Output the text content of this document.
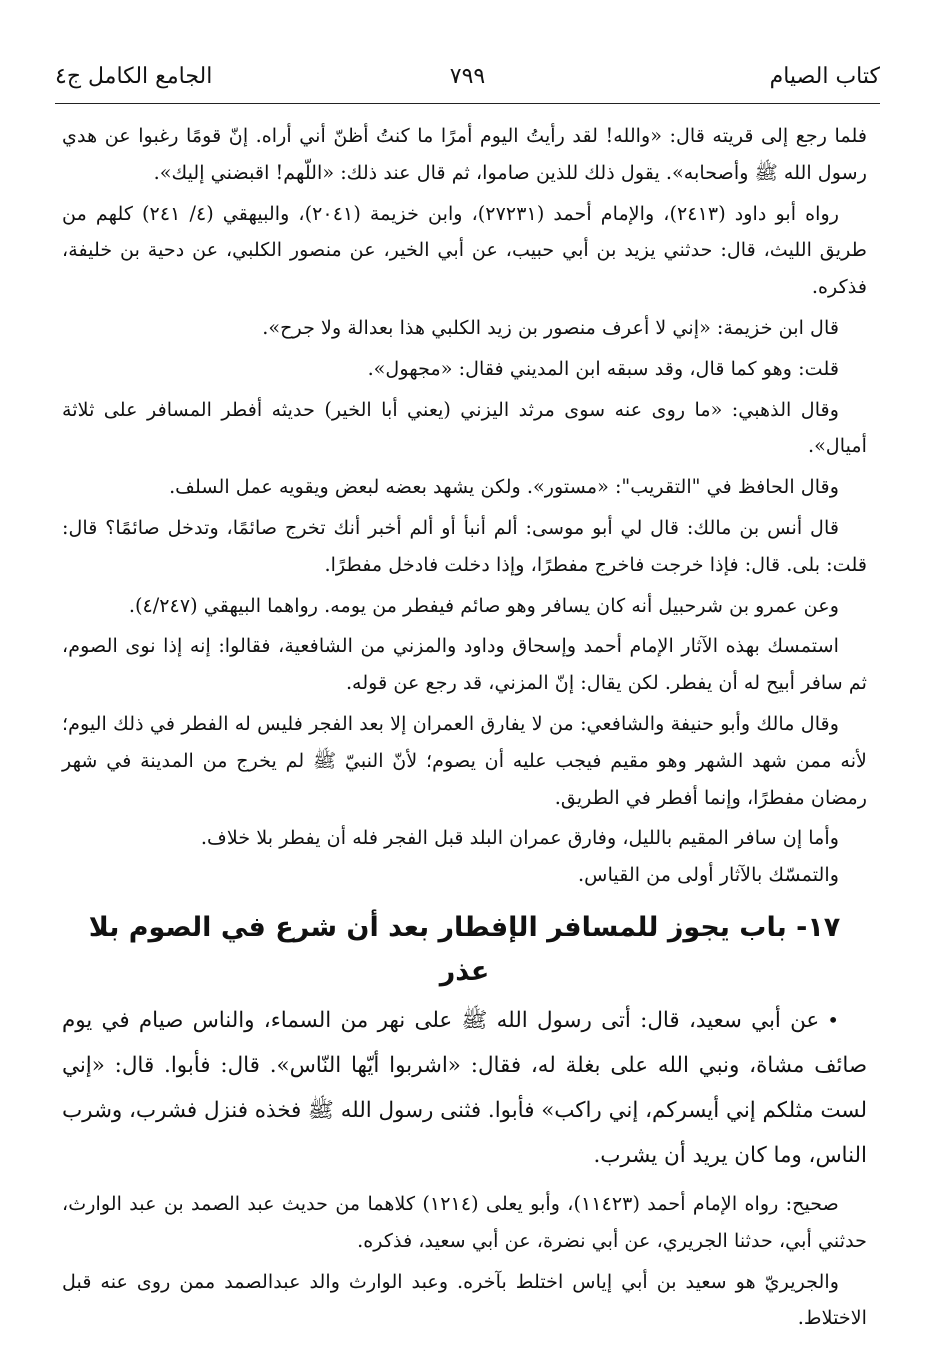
كتاب الصيام
٧٩٩
الجامع الكامل ج٤

فلما رجع إلى قريته قال: «والله! لقد رأيتُ اليوم أمرًا ما كنتُ أظنّ أني أراه. إنّ قومًا رغبوا عن هدي رسول الله ﷺ وأصحابه». يقول ذلك للذين صاموا، ثم قال عند ذلك: «اللّهم! اقبضني إليك».

رواه أبو داود (٢٤١٣)، والإمام أحمد (٢٧٢٣١)، وابن خزيمة (٢٠٤١)، والبيهقي (٤/ ٢٤١) كلهم من طريق الليث، قال: حدثني يزيد بن أبي حبيب، عن أبي الخير، عن منصور الكلبي، عن دحية بن خليفة، فذكره.

قال ابن خزيمة: «إني لا أعرف منصور بن زيد الكلبي هذا بعدالة ولا جرح».

قلت: وهو كما قال، وقد سبقه ابن المديني فقال: «مجهول».

وقال الذهبي: «ما روى عنه سوى مرثد اليزني (يعني أبا الخير) حديثه أفطر المسافر على ثلاثة أميال».

وقال الحافظ في "التقريب": «مستور». ولكن يشهد بعضه لبعض ويقويه عمل السلف.

قال أنس بن مالك: قال لي أبو موسى: ألم أنبأ أو ألم أخبر أنك تخرج صائمًا، وتدخل صائمًا؟ قال: قلت: بلى. قال: فإذا خرجت فاخرج مفطرًا، وإذا دخلت فادخل مفطرًا.

وعن عمرو بن شرحبيل أنه كان يسافر وهو صائم فيفطر من يومه. رواهما البيهقي (٤/٢٤٧).

استمسك بهذه الآثار الإمام أحمد وإسحاق وداود والمزني من الشافعية، فقالوا: إنه إذا نوى الصوم، ثم سافر أبيح له أن يفطر. لكن يقال: إنّ المزني، قد رجع عن قوله.

وقال مالك وأبو حنيفة والشافعي: من لا يفارق العمران إلا بعد الفجر فليس له الفطر في ذلك اليوم؛ لأنه ممن شهد الشهر وهو مقيم فيجب عليه أن يصوم؛ لأنّ النبيّ ﷺ لم يخرج من المدينة في شهر رمضان مفطرًا، وإنما أفطر في الطريق.

وأما إن سافر المقيم بالليل، وفارق عمران البلد قبل الفجر فله أن يفطر بلا خلاف.

والتمسّك بالآثار أولى من القياس.

١٧- باب يجوز للمسافر الإفطار بعد أن شرع في الصوم بلا عذر

•عن أبي سعيد، قال: أتى رسول الله ﷺ على نهر من السماء، والناس صيام في يوم صائف مشاة، ونبي الله على بغلة له، فقال: «اشربوا أيّها النّاس». قال: فأبوا. قال: «إني لست مثلكم إني أيسركم، إني راكب» فأبوا. فثنى رسول الله ﷺ فخذه فنزل فشرب، وشرب الناس، وما كان يريد أن يشرب.

صحيح: رواه الإمام أحمد (١١٤٢٣)، وأبو يعلى (١٢١٤) كلاهما من حديث عبد الصمد بن عبد الوارث، حدثني أبي، حدثنا الجريري، عن أبي نضرة، عن أبي سعيد، فذكره.

والجريريّ هو سعيد بن أبي إياس اختلط بآخره. وعبد الوارث والد عبدالصمد ممن روى عنه قبل الاختلاط.
